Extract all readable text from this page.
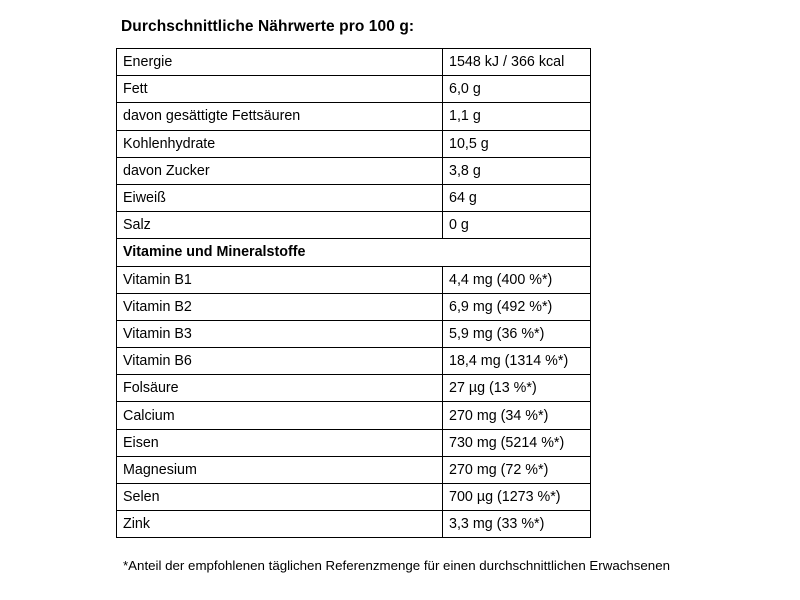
Durchschnittliche Nährwerte pro 100 g:
Energie	1548 kJ / 366 kcal
Fett	6,0 g
davon gesättigte Fettsäuren	1,1 g
Kohlenhydrate	10,5 g
davon Zucker	3,8 g
Eiweiß	64 g
Salz	0 g
Vitamine und Mineralstoffe	
Vitamin B1	4,4 mg (400 %*)
Vitamin B2	6,9 mg (492 %*)
Vitamin B3	5,9 mg (36 %*)
Vitamin B6	18,4 mg (1314 %*)
Folsäure	27 µg (13 %*)
Calcium	270 mg (34 %*)
Eisen	730 mg (5214 %*)
Magnesium	270 mg (72 %*)
Selen	700 µg (1273 %*)
Zink	3,3 mg (33 %*)
*Anteil der empfohlenen täglichen Referenzmenge für einen durchschnittlichen Erwachsenen
